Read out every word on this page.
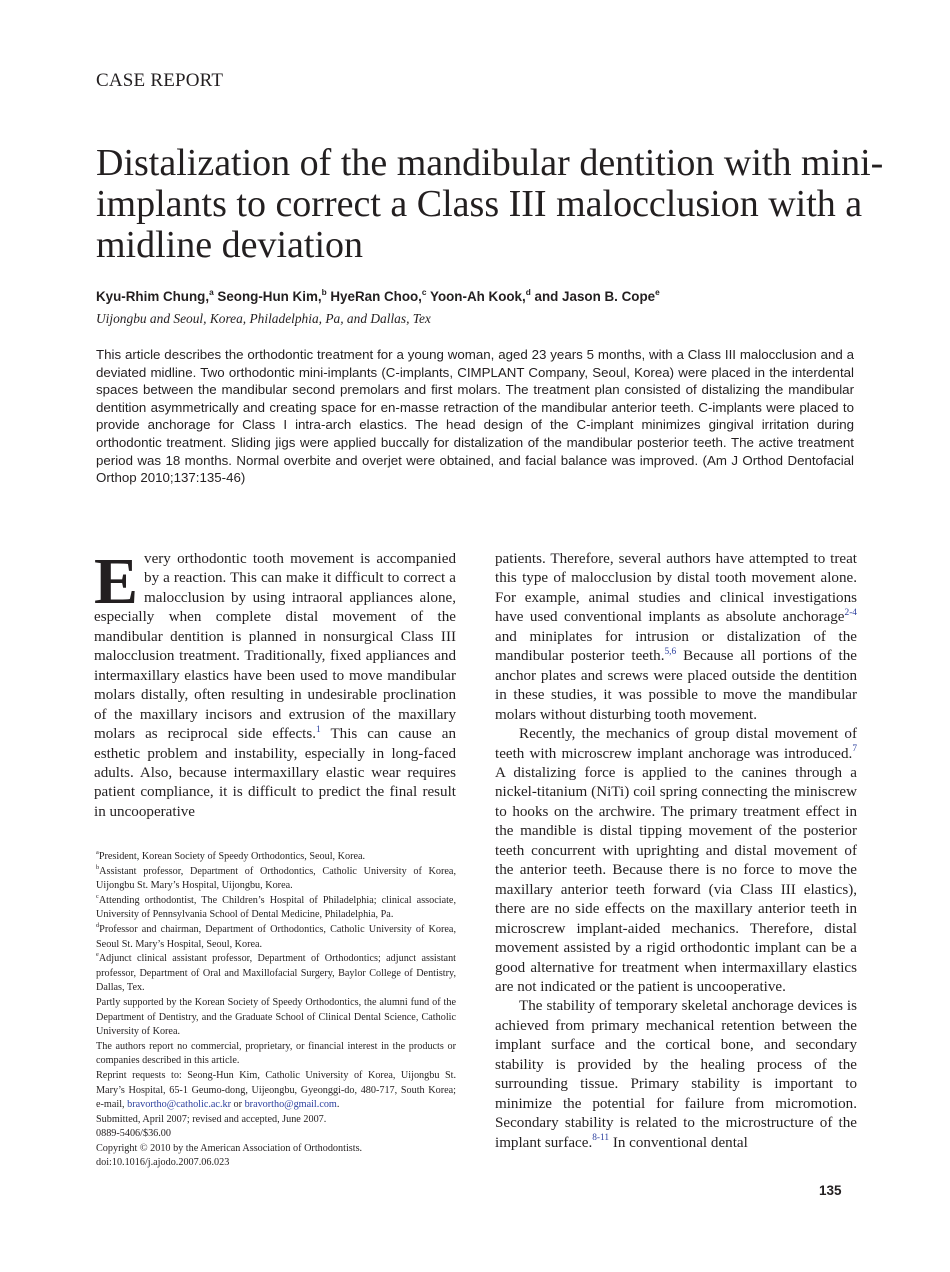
CASE REPORT
Distalization of the mandibular dentition with mini-implants to correct a Class III malocclusion with a midline deviation
Kyu-Rhim Chung,$^a$ Seong-Hun Kim,$^b$ HyeRan Choo,$^c$ Yoon-Ah Kook,$^d$ and Jason B. Cope$^e$
Uijongbu and Seoul, Korea, Philadelphia, Pa, and Dallas, Tex

This article describes the orthodontic treatment for a young woman, aged 23 years 5 months, with a Class III malocclusion and a deviated midline. Two orthodontic mini-implants (C-implants, CIMPLANT Company, Seoul, Korea) were placed in the interdental spaces between the mandibular second premolars and first molars. The treatment plan consisted of distalizing the mandibular dentition asymmetrically and creating space for en-masse retraction of the mandibular anterior teeth. C-implants were placed to provide anchorage for Class I intra-arch elastics. The head design of the C-implant minimizes gingival irritation during orthodontic treatment. Sliding jigs were applied buccally for distalization of the mandibular posterior teeth. The active treatment period was 18 months. Normal overbite and overjet were obtained, and facial balance was improved. (Am J Orthod Dentofacial Orthop 2010;137:135-46)

Every orthodontic tooth movement is accompanied by a reaction. This can make it difficult to correct a malocclusion by using intraoral appliances alone, especially when complete distal movement of the mandibular dentition is planned in nonsurgical Class III malocclusion treatment. Traditionally, fixed appliances and intermaxillary elastics have been used to move mandibular molars distally, often resulting in undesirable proclination of the maxillary incisors and extrusion of the maxillary molars as reciprocal side effects.$^1$ This can cause an esthetic problem and instability, especially in long-faced adults. Also, because intermaxillary elastic wear requires patient compliance, it is difficult to predict the final result in uncooperative

patients. Therefore, several authors have attempted to treat this type of malocclusion by distal tooth movement alone. For example, animal studies and clinical investigations have used conventional implants as absolute anchorage$^{2-4}$ and miniplates for intrusion or distalization of the mandibular posterior teeth.$^{5,6}$ Because all portions of the anchor plates and screws were placed outside the dentition in these studies, it was possible to move the mandibular molars without disturbing tooth movement.

Recently, the mechanics of group distal movement of teeth with microscrew implant anchorage was introduced.$^7$ A distalizing force is applied to the canines through a nickel-titanium (NiTi) coil spring connecting the miniscrew to hooks on the archwire. The primary treatment effect in the mandible is distal tipping movement of the posterior teeth concurrent with uprighting and distal movement of the anterior teeth. Because there is no force to move the maxillary anterior teeth forward (via Class III elastics), there are no side effects on the maxillary anterior teeth in microscrew implant-aided mechanics. Therefore, distal movement assisted by a rigid orthodontic implant can be a good alternative for treatment when intermaxillary elastics are not indicated or the patient is uncooperative.

The stability of temporary skeletal anchorage devices is achieved from primary mechanical retention between the implant surface and the cortical bone, and secondary stability is provided by the healing process of the surrounding tissue. Primary stability is important to minimize the potential for failure from micromotion. Secondary stability is related to the microstructure of the implant surface.$^{8-11}$ In conventional dental

$^a$President, Korean Society of Speedy Orthodontics, Seoul, Korea.

$^b$Assistant professor, Department of Orthodontics, Catholic University of Korea, Uijongbu St. Mary’s Hospital, Uijongbu, Korea.

$^c$Attending orthodontist, The Children’s Hospital of Philadelphia; clinical associate, University of Pennsylvania School of Dental Medicine, Philadelphia, Pa.

$^d$Professor and chairman, Department of Orthodontics, Catholic University of Korea, Seoul St. Mary’s Hospital, Seoul, Korea.

$^e$Adjunct clinical assistant professor, Department of Orthodontics; adjunct assistant professor, Department of Oral and Maxillofacial Surgery, Baylor College of Dentistry, Dallas, Tex.

Partly supported by the Korean Society of Speedy Orthodontics, the alumni fund of the Department of Dentistry, and the Graduate School of Clinical Dental Science, Catholic University of Korea.

The authors report no commercial, proprietary, or financial interest in the products or companies described in this article.

Reprint requests to: Seong-Hun Kim, Catholic University of Korea, Uijongbu St. Mary’s Hospital, 65-1 Geumo-dong, Uijeongbu, Gyeonggi-do, 480-717, South Korea; e-mail, bravortho@catholic.ac.kr or bravortho@gmail.com.

Submitted, April 2007; revised and accepted, June 2007.

0889-5406/$36.00

Copyright © 2010 by the American Association of Orthodontists.

doi:10.1016/j.ajodo.2007.06.023

135
